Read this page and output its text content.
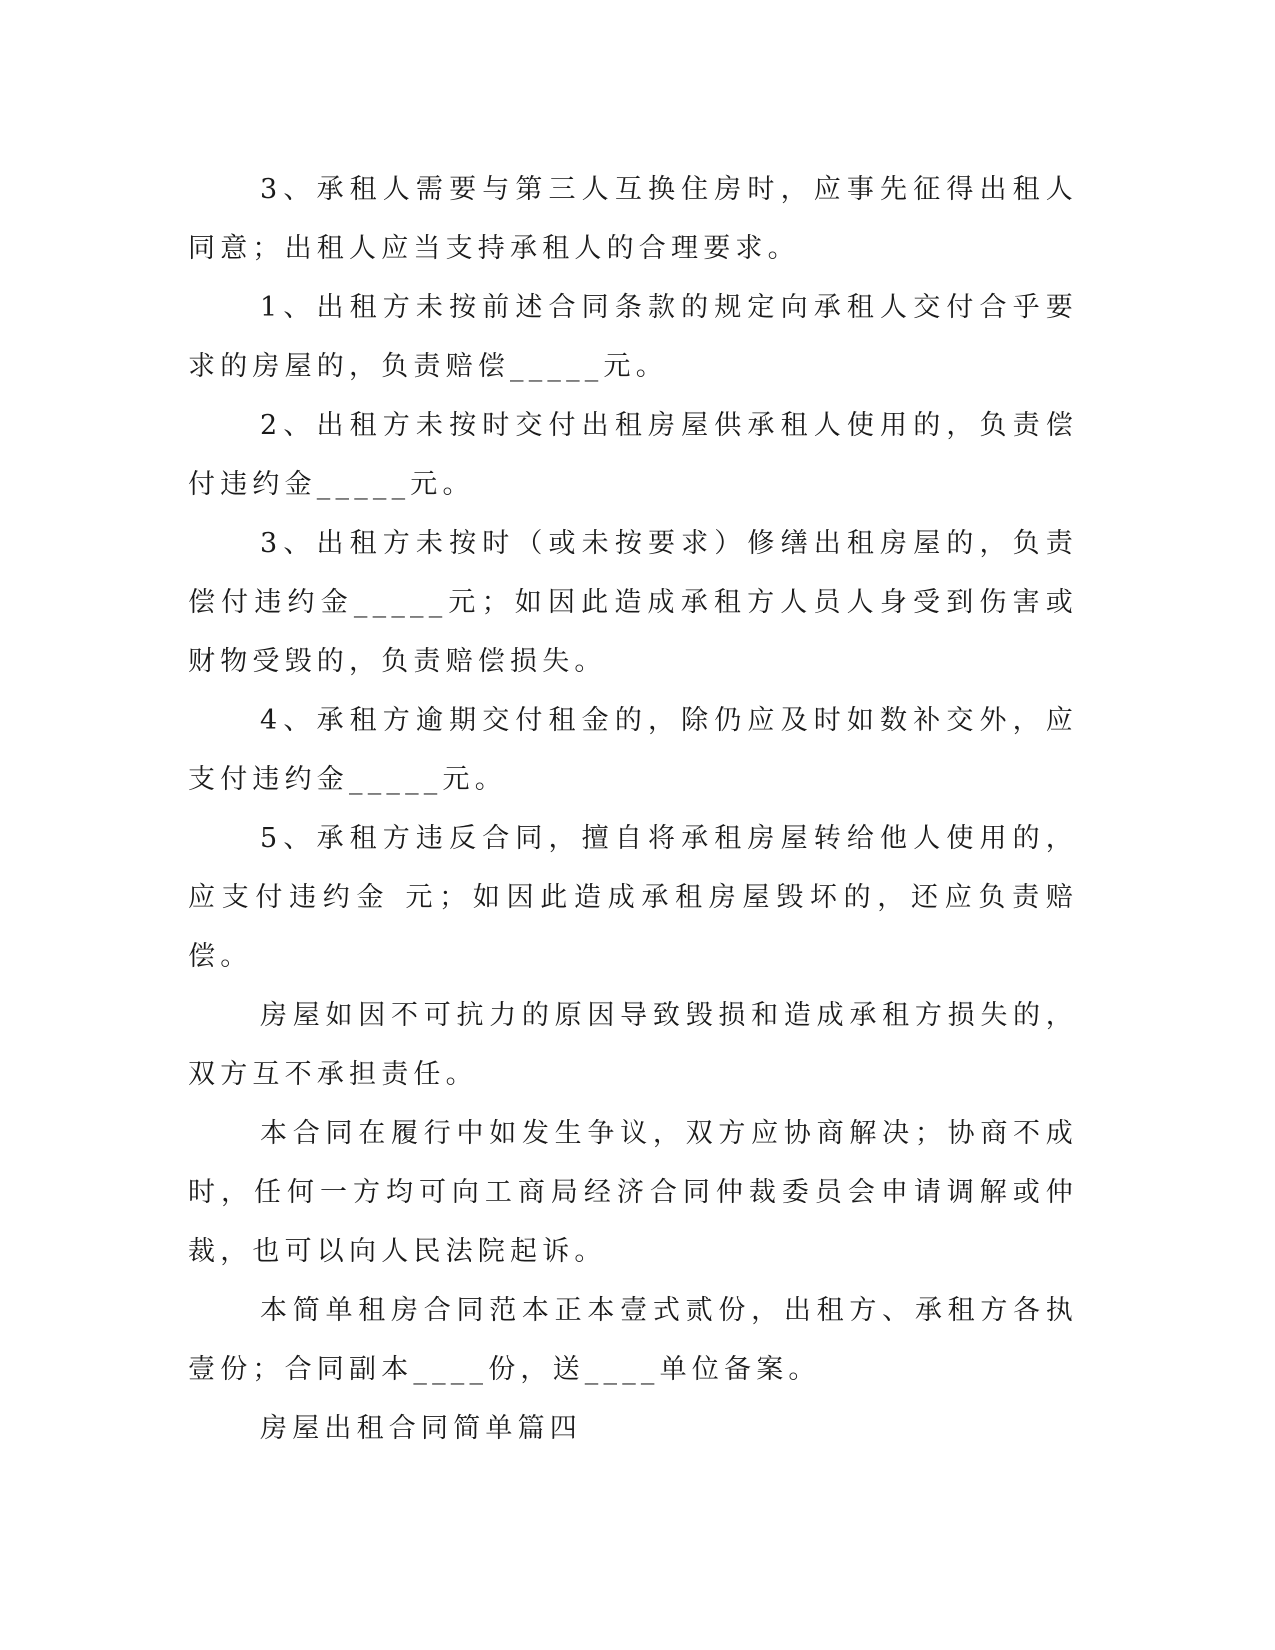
3、承租人需要与第三人互换住房时，应事先征得出租人同意；出租人应当支持承租人的合理要求。

1、出租方未按前述合同条款的规定向承租人交付合乎要求的房屋的，负责赔偿_____元。

2、出租方未按时交付出租房屋供承租人使用的，负责偿付违约金_____元。

3、出租方未按时（或未按要求）修缮出租房屋的，负责偿付违约金_____元；如因此造成承租方人员人身受到伤害或财物受毁的，负责赔偿损失。

4、承租方逾期交付租金的，除仍应及时如数补交外，应支付违约金_____元。

5、承租方违反合同，擅自将承租房屋转给他人使用的，应支付违约金 元；如因此造成承租房屋毁坏的，还应负责赔偿。

房屋如因不可抗力的原因导致毁损和造成承租方损失的，双方互不承担责任。

本合同在履行中如发生争议，双方应协商解决；协商不成时，任何一方均可向工商局经济合同仲裁委员会申请调解或仲裁，也可以向人民法院起诉。

本简单租房合同范本正本壹式贰份，出租方、承租方各执壹份；合同副本____份，送____单位备案。

房屋出租合同简单篇四
